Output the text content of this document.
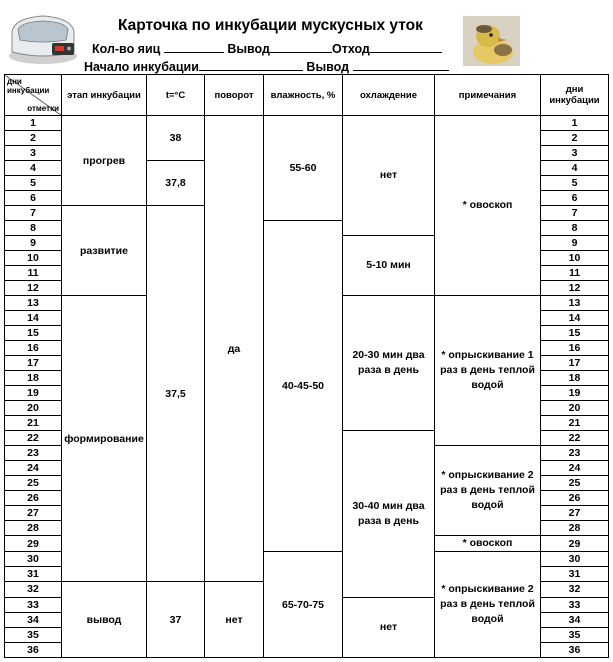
Карточка по инкубации мускусных уток
Кол-во яиц	Вывод	Отход
Начало инкубации	Вывод
дни инкубации
отметки	этап инкубации	t=°C	поворот	влажность, %	охлаждение	примечания	дни инкубации
1	прогрев	38	да	55-60	нет	* овоскоп	1
2							2
3							3
4		37,8					4
5							5
6							6
7	развитие	37,5					7
8				40-45-50			8
9					5-10 мин		9
10							10
11							11
12							12
13	формирование				20-30 мин два раза в день	* опрыскивание 1 раз в день теплой водой	13
14							14
15							15
16							16
17							17
18							18
19							19
20							20
21							21
22					30-40 мин два раза в день		22
23						* опрыскивание 2 раз в день теплой водой	23
24							24
25							25
26							26
27							27
28							28
29						* овоскоп	29
30				65-70-75		* опрыскивание 2 раз в день теплой водой	30
31							31
32	вывод	37	нет				32
33					нет		33
34							34
35							35
36							36
